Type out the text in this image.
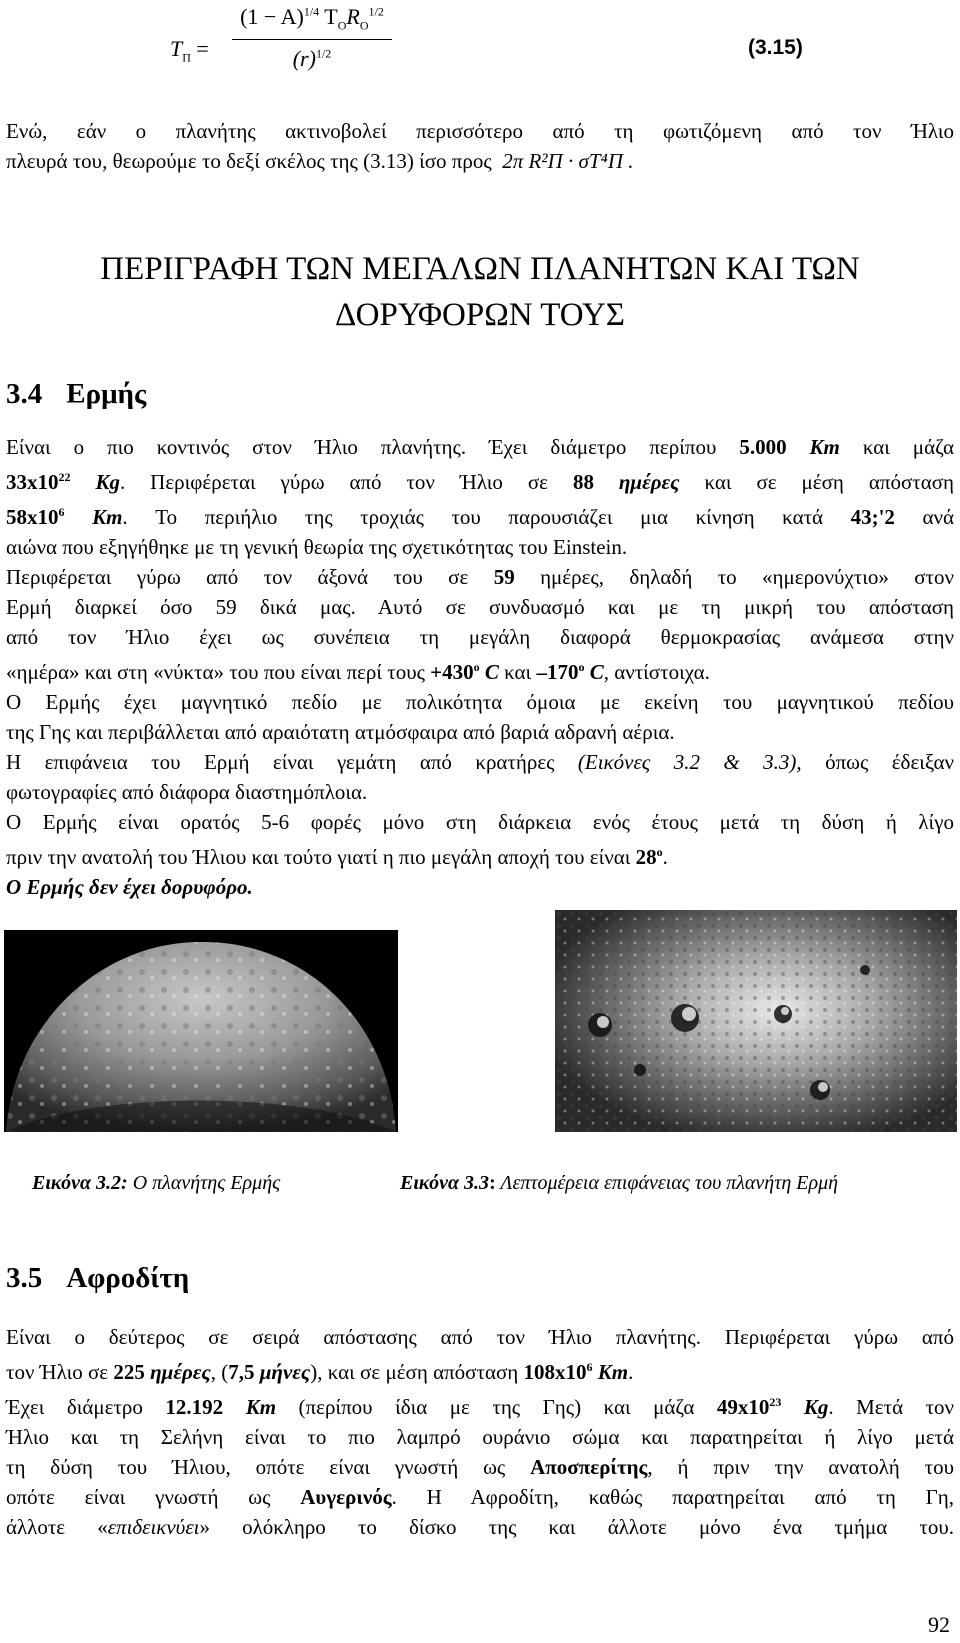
$T_\Pi$ =
$(1 - A)^{1/4}$ $T_OR_O^{1/2}$
$(r)^{1/2}$	(3.15)
Ενώ, εάν ο πλανήτης ακτινοβολεί περισσότερο από τη φωτιζόμενη από τον Ήλιο
πλευρά του, θεωρούμε το δεξί σκέλος της (3.13) ίσο προς 2π R²Π · σT⁴Π .
ΠΕΡΙΓΡΑΦΗ ΤΩΝ ΜΕΓΑΛΩΝ ΠΛΑΝΗΤΩΝ ΚΑΙ ΤΩΝ
ΔΟΡΥΦΟΡΩΝ ΤΟΥΣ
3.4 Ερμής
Είναι ο πιο κοντινός στον Ήλιο πλανήτης. Έχει διάμετρο περίπου 5.000 Km και μάζα
$33x10^{22}$ Kg. Περιφέρεται γύρω από τον Ήλιο σε 88 ημέρες και σε μέση απόσταση
$58x10^6$ Km. Το περιήλιο της τροχιάς του παρουσιάζει μια κίνηση κατά 43;'2 ανά
αιώνα που εξηγήθηκε με τη γενική θεωρία της σχετικότητας του Einstein.
Περιφέρεται γύρω από τον άξονά του σε 59 ημέρες, δηλαδή το «ημερονύχτιο» στον
Ερμή διαρκεί όσο 59 δικά μας. Αυτό σε συνδυασμό και με τη μικρή του απόσταση
από τον Ήλιο έχει ως συνέπεια τη μεγάλη διαφορά θερμοκρασίας ανάμεσα στην
«ημέρα» και στη «νύκτα» του που είναι περί $\tau o\upsilon\varsigma +430^o$ C και –170$^o$ C, αντίστοιχα.
Ο Ερμής έχει μαγνητικό πεδίο με πολικότητα όμοια με εκείνη του μαγνητικού πεδίου
της Γης και περιβάλλεται από αραιότατη ατμόσφαιρα από βαριά αδρανή αέρια.
Η επιφάνεια του Ερμή είναι γεμάτη από κρατήρες (Εικόνες 3.2 & 3.3), όπως έδειξαν
φωτογραφίες από διάφορα διαστημόπλοια.
Ο Ερμής είναι ορατός 5-6 φορές μόνο στη διάρκεια ενός έτους μετά τη δύση ή λίγο
πριν την ανατολή του Ήλιου και τούτο γιατί η πιο μεγάλη αποχή του είναι 28$^o$.
Ο Ερμής δεν έχει δορυφόρο.
Εικόνα 3.2: Ο πλανήτης Ερμής	Εικόνα 3.3: Λεπτομέρεια επιφάνειας του πλανήτη Ερμή
3.5 Αφροδίτη
Είναι ο δεύτερος σε σειρά απόστασης από τον Ήλιο πλανήτης. Περιφέρεται γύρω από
τον Ήλιο σε 225 ημέρες, (7,5 μήνες), και σε μέση απόσταση $108x10^6$ Km.
Έχει διάμετρο 12.192 Km (περίπου ίδια με της Γης) και μάζα $49x10^{23}$ Kg. Μετά τον
Ήλιο και τη Σελήνη είναι το πιο λαμπρό ουράνιο σώμα και παρατηρείται ή λίγο μετά
τη δύση του Ήλιου, οπότε είναι γνωστή ως Αποσπερίτης, ή πριν την ανατολή του
οπότε είναι γνωστή ως Αυγερινός. Η Αφροδίτη, καθώς παρατηρείται από τη Γη,
άλλοτε «επιδεικνύει» ολόκληρο το δίσκο της και άλλοτε μόνο ένα τμήμα του.
92
